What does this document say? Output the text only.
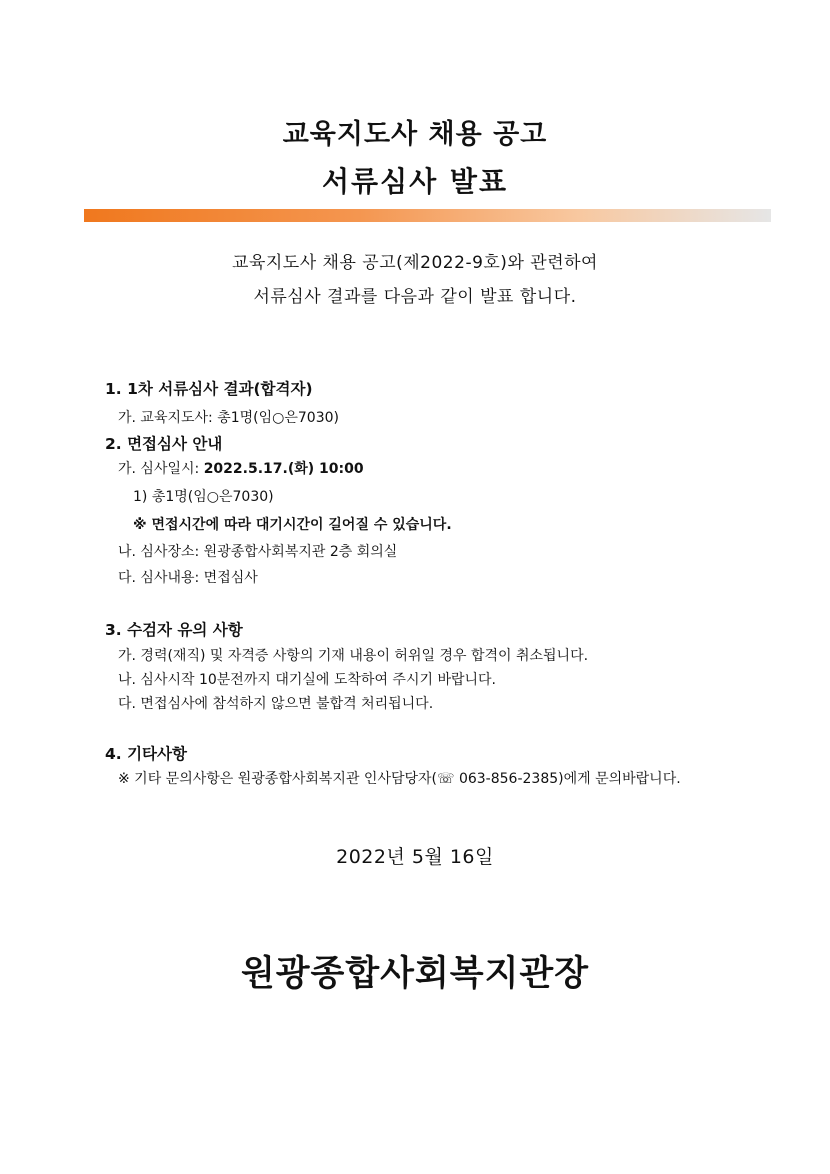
교육지도사 채용 공고
서류심사 발표
교육지도사 채용 공고(제2022-9호)와 관련하여
서류심사 결과를 다음과 같이 발표 합니다.
1. 1차 서류심사 결과(합격자)
가. 교육지도사: 총1명(임○은7030)
2. 면접심사 안내
가. 심사일시: 2022.5.17.(화) 10:00
1) 총1명(임○은7030)
※ 면접시간에 따라 대기시간이 길어질 수 있습니다.
나. 심사장소: 원광종합사회복지관 2층 회의실
다. 심사내용: 면접심사
3. 수검자 유의 사항
가. 경력(재직) 및 자격증 사항의 기재 내용이 허위일 경우 합격이 취소됩니다.
나. 심사시작 10분전까지 대기실에 도착하여 주시기 바랍니다.
다. 면접심사에 참석하지 않으면 불합격 처리됩니다.
4. 기타사항
※ 기타 문의사항은 원광종합사회복지관 인사담당자(☏ 063-856-2385)에게 문의바랍니다.
2022년 5월 16일
원광종합사회복지관장
